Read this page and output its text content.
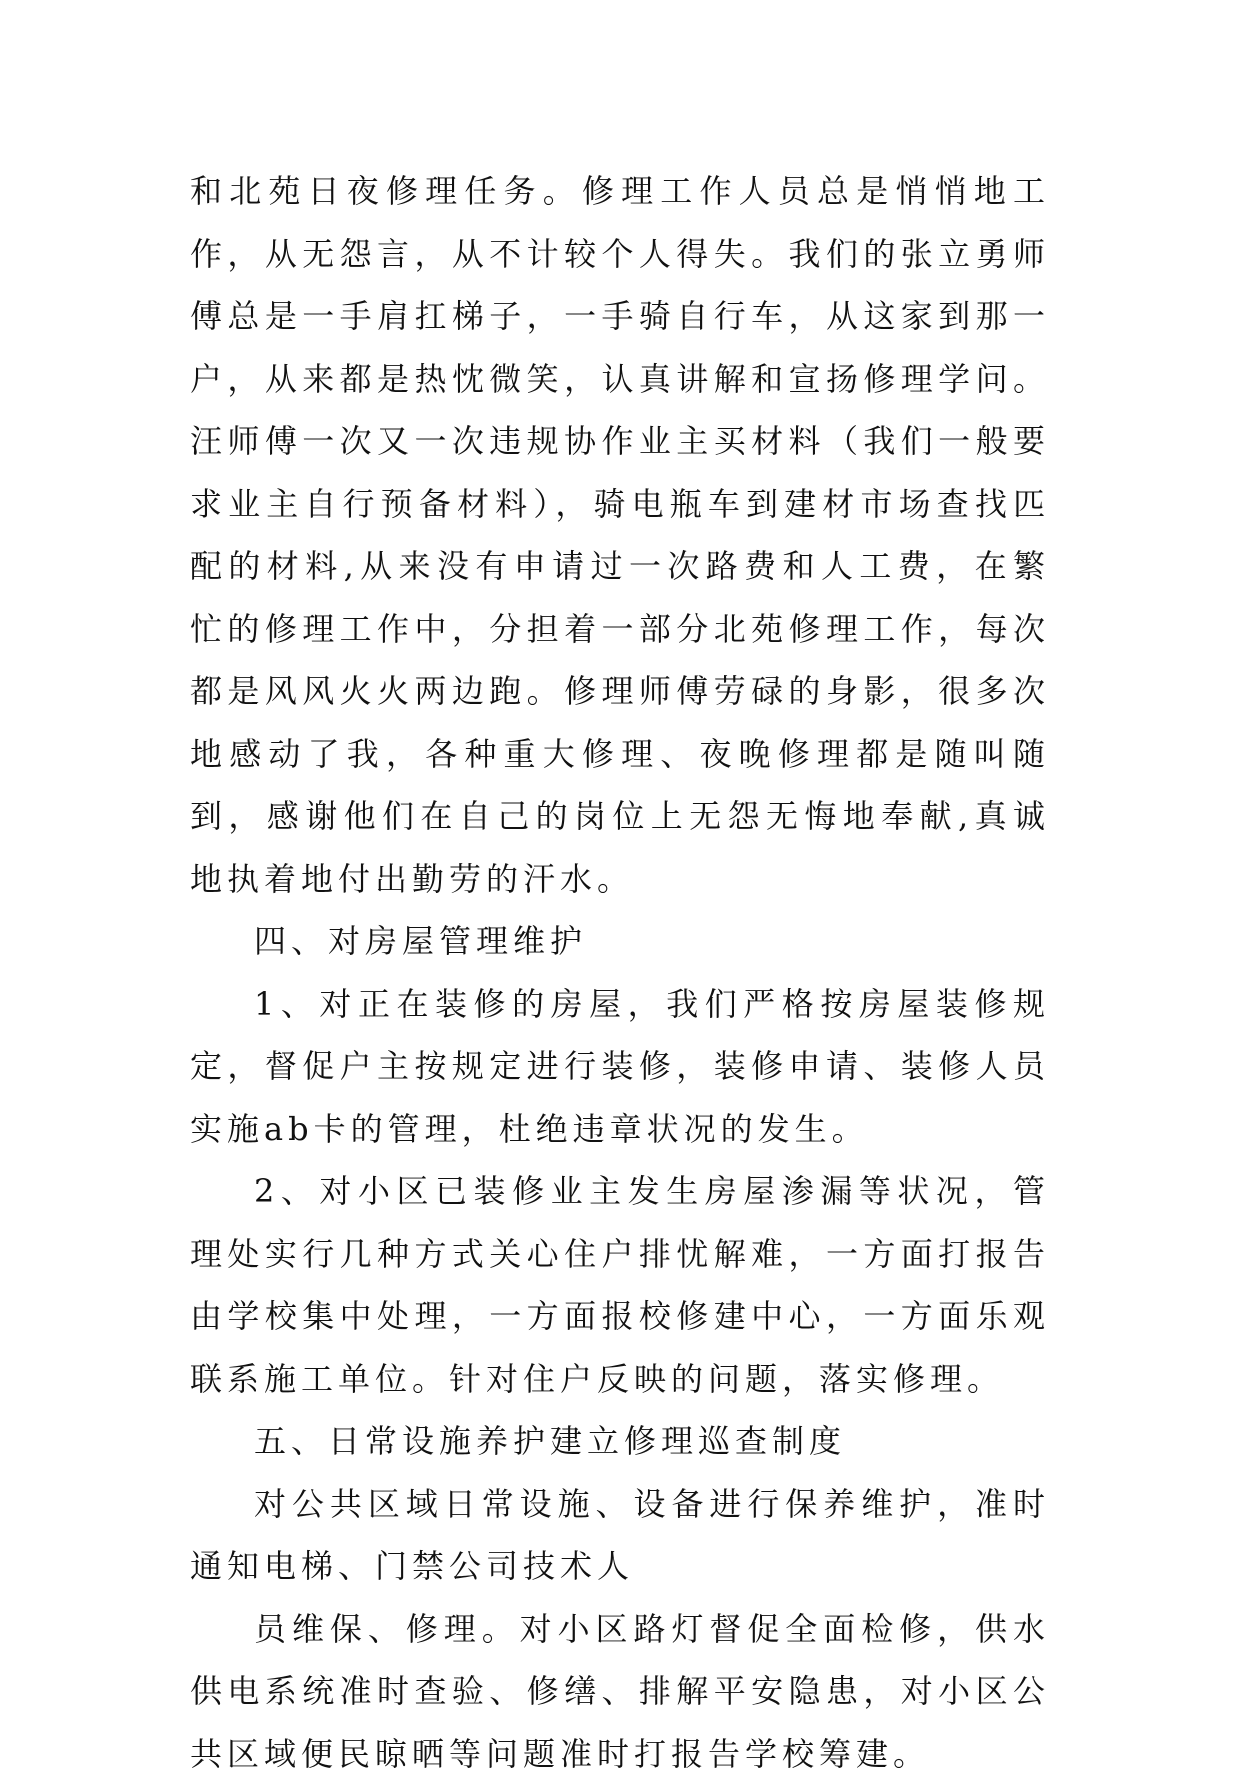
和北苑日夜修理任务。修理工作人员总是悄悄地工作，从无怨言，从不计较个人得失。我们的张立勇师傅总是一手肩扛梯子，一手骑自行车，从这家到那一户，从来都是热忱微笑，认真讲解和宣扬修理学问。汪师傅一次又一次违规协作业主买材料（我们一般要求业主自行预备材料），骑电瓶车到建材市场查找匹配的材料,从来没有申请过一次路费和人工费，在繁忙的修理工作中，分担着一部分北苑修理工作，每次都是风风火火两边跑。修理师傅劳碌的身影，很多次地感动了我，各种重大修理、夜晚修理都是随叫随到，感谢他们在自己的岗位上无怨无悔地奉献,真诚地执着地付出勤劳的汗水。

四、对房屋管理维护

1、对正在装修的房屋，我们严格按房屋装修规定，督促户主按规定进行装修，装修申请、装修人员实施ab卡的管理，杜绝违章状况的发生。

2、对小区已装修业主发生房屋渗漏等状况，管理处实行几种方式关心住户排忧解难，一方面打报告由学校集中处理，一方面报校修建中心，一方面乐观联系施工单位。针对住户反映的问题，落实修理。

五、日常设施养护建立修理巡查制度

对公共区域日常设施、设备进行保养维护，准时通知电梯、门禁公司技术人

员维保、修理。对小区路灯督促全面检修，供水供电系统准时查验、修缮、排解平安隐患，对小区公共区域便民晾晒等问题准时打报告学校筹建。
